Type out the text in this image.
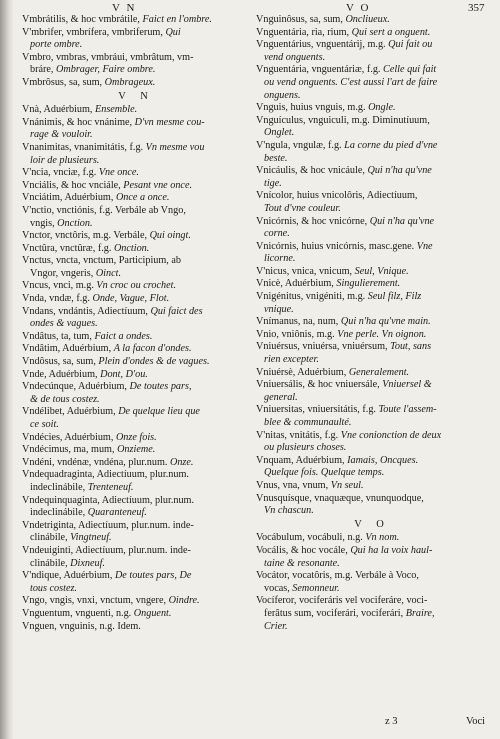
V N	V O	357
Vmbrátilis, & hoc vmbrátile, Faict en l'ombre.
V'mbrifer, vmbrífera, vmbriferum, Qui
porte ombre.
Vmbro, vmbras, vmbráui, vmbrâtum, vm-
bráre, Ombrager, Faire ombre.
Vmbrôsus, sa, sum, Ombrageux.
V N
Vnà, Aduérbium, Ensemble.
Vnánimis, & hoc vnánime, D'vn mesme cou-
rage & vouloir.
Vnanimitas, vnanimitátis, f.g. Vn mesme vou
loir de plusieurs.
V'ncia, vnciæ, f.g. Vne once.
Vnciális, & hoc vnciále, Pesant vne once.
Vnciátim, Aduérbium, Once a once.
V'nctio, vnctiónis, f.g. Verbále ab Vngo,
vngis, Onction.
Vnctor, vnctôris, m.g. Verbále, Qui oingt.
Vnctûra, vnctûræ, f.g. Onction.
Vnctus, vncta, vnctum, Participium, ab
Vngor, vngeris, Oinct.
Vncus, vnci, m.g. Vn croc ou crochet.
Vnda, vndæ, f.g. Onde, Vague, Flot.
Vndans, vndántis, Adiectíuum, Qui faict des
ondes & vagues.
Vndâtus, ta, tum, Faict a ondes.
Vndâtim, Aduérbium, A la facon d'ondes.
Vndôsus, sa, sum, Plein d'ondes & de vagues.
Vnde, Aduérbium, Dont, D'ou.
Vndecúnque, Aduérbium, De toutes pars,
& de tous costez.
Vndélibet, Aduérbium, De quelque lieu que
ce soit.
Vndécies, Aduérbium, Onze fois.
Vndécimus, ma, mum, Onzieme.
Vndéni, vndénæ, vndéna, plur.num. Onze.
Vndequadraginta, Adiectíuum, plur.num.
indeclinábile, Trenteneuf.
Vndequinquaginta, Adiectíuum, plur.num.
indeclinábile, Quaranteneuf.
Vndetriginta, Adiectíuum, plur.num. inde-
clinábile, Vingtneuf.
Vndeuiginti, Adiectíuum, plur.num. inde-
clinábile, Dixneuf.
V'ndique, Aduérbium, De toutes pars, De
tous costez.
Vngo, vngis, vnxi, vnctum, vngere, Oindre.
Vnguentum, vnguenti, n.g. Onguent.
Vnguen, vnguinis, n.g. Idem.
Vnguinôsus, sa, sum, Oncliueux.
Vnguentária, ria, rium, Qui sert a onguent.
Vnguentárius, vnguentárij, m.g. Qui fait ou
vend onguents.
Vnguentária, vnguentáriæ, f.g. Celle qui fait
ou vend onguents. C'est aussi l'art de faire
onguens.
Vnguis, huius vnguis, m.g. Ongle.
Vnguículus, vnguiculi, m.g. Diminutíuum,
Onglet.
V'ngula, vngulæ, f.g. La corne du pied d'vne
beste.
Vnicáulis, & hoc vnicáule, Qui n'ha qu'vne
tige.
Vnícolor, huius vnicolôris, Adiectíuum,
Tout d'vne couleur.
Vnicórnis, & hoc vnicórne, Qui n'ha qu'vne
corne.
Vnicórnis, huius vnicórnis, masc.gene. Vne
licorne.
V'nicus, vnica, vnicum, Seul, Vnique.
Vnicè, Aduérbium, Singulierement.
Vnigénitus, vnigéniti, m.g. Seul filz, Filz
vnique.
Vnímanus, na, num, Qui n'ha qu'vne main.
Vnio, vniônis, m.g. Vne perle. Vn oignon.
Vniuérsus, vniuérsa, vniuérsum, Tout, sans
rien excepter.
Vniuérsè, Aduérbium, Generalement.
Vniuersális, & hoc vniuersále, Vniuersel &
general.
Vniuersitas, vniuersitátis, f.g. Toute l'assem-
blee & communaulté.
V'nitas, vnitátis, f.g. Vne conionction de deux
ou plusieurs choses.
Vnquam, Aduérbium, Iamais, Oncques.
Quelque fois. Quelque temps.
Vnus, vna, vnum, Vn seul.
Vnusquísque, vnaquæque, vnunquodque,
Vn chascun.
V O
Vocábulum, vocábuli, n.g. Vn nom.
Vocális, & hoc vocále, Qui ha la voix haul-
taine & resonante.
Vocátor, vocatôris, m.g. Verbále à Voco,
vocas, Semonneur.
Vocíferor, vociferáris vel vociferáre, voci-
ferâtus sum, vociferári, vociferári, Braire,
Crier.
z 3	Voci
